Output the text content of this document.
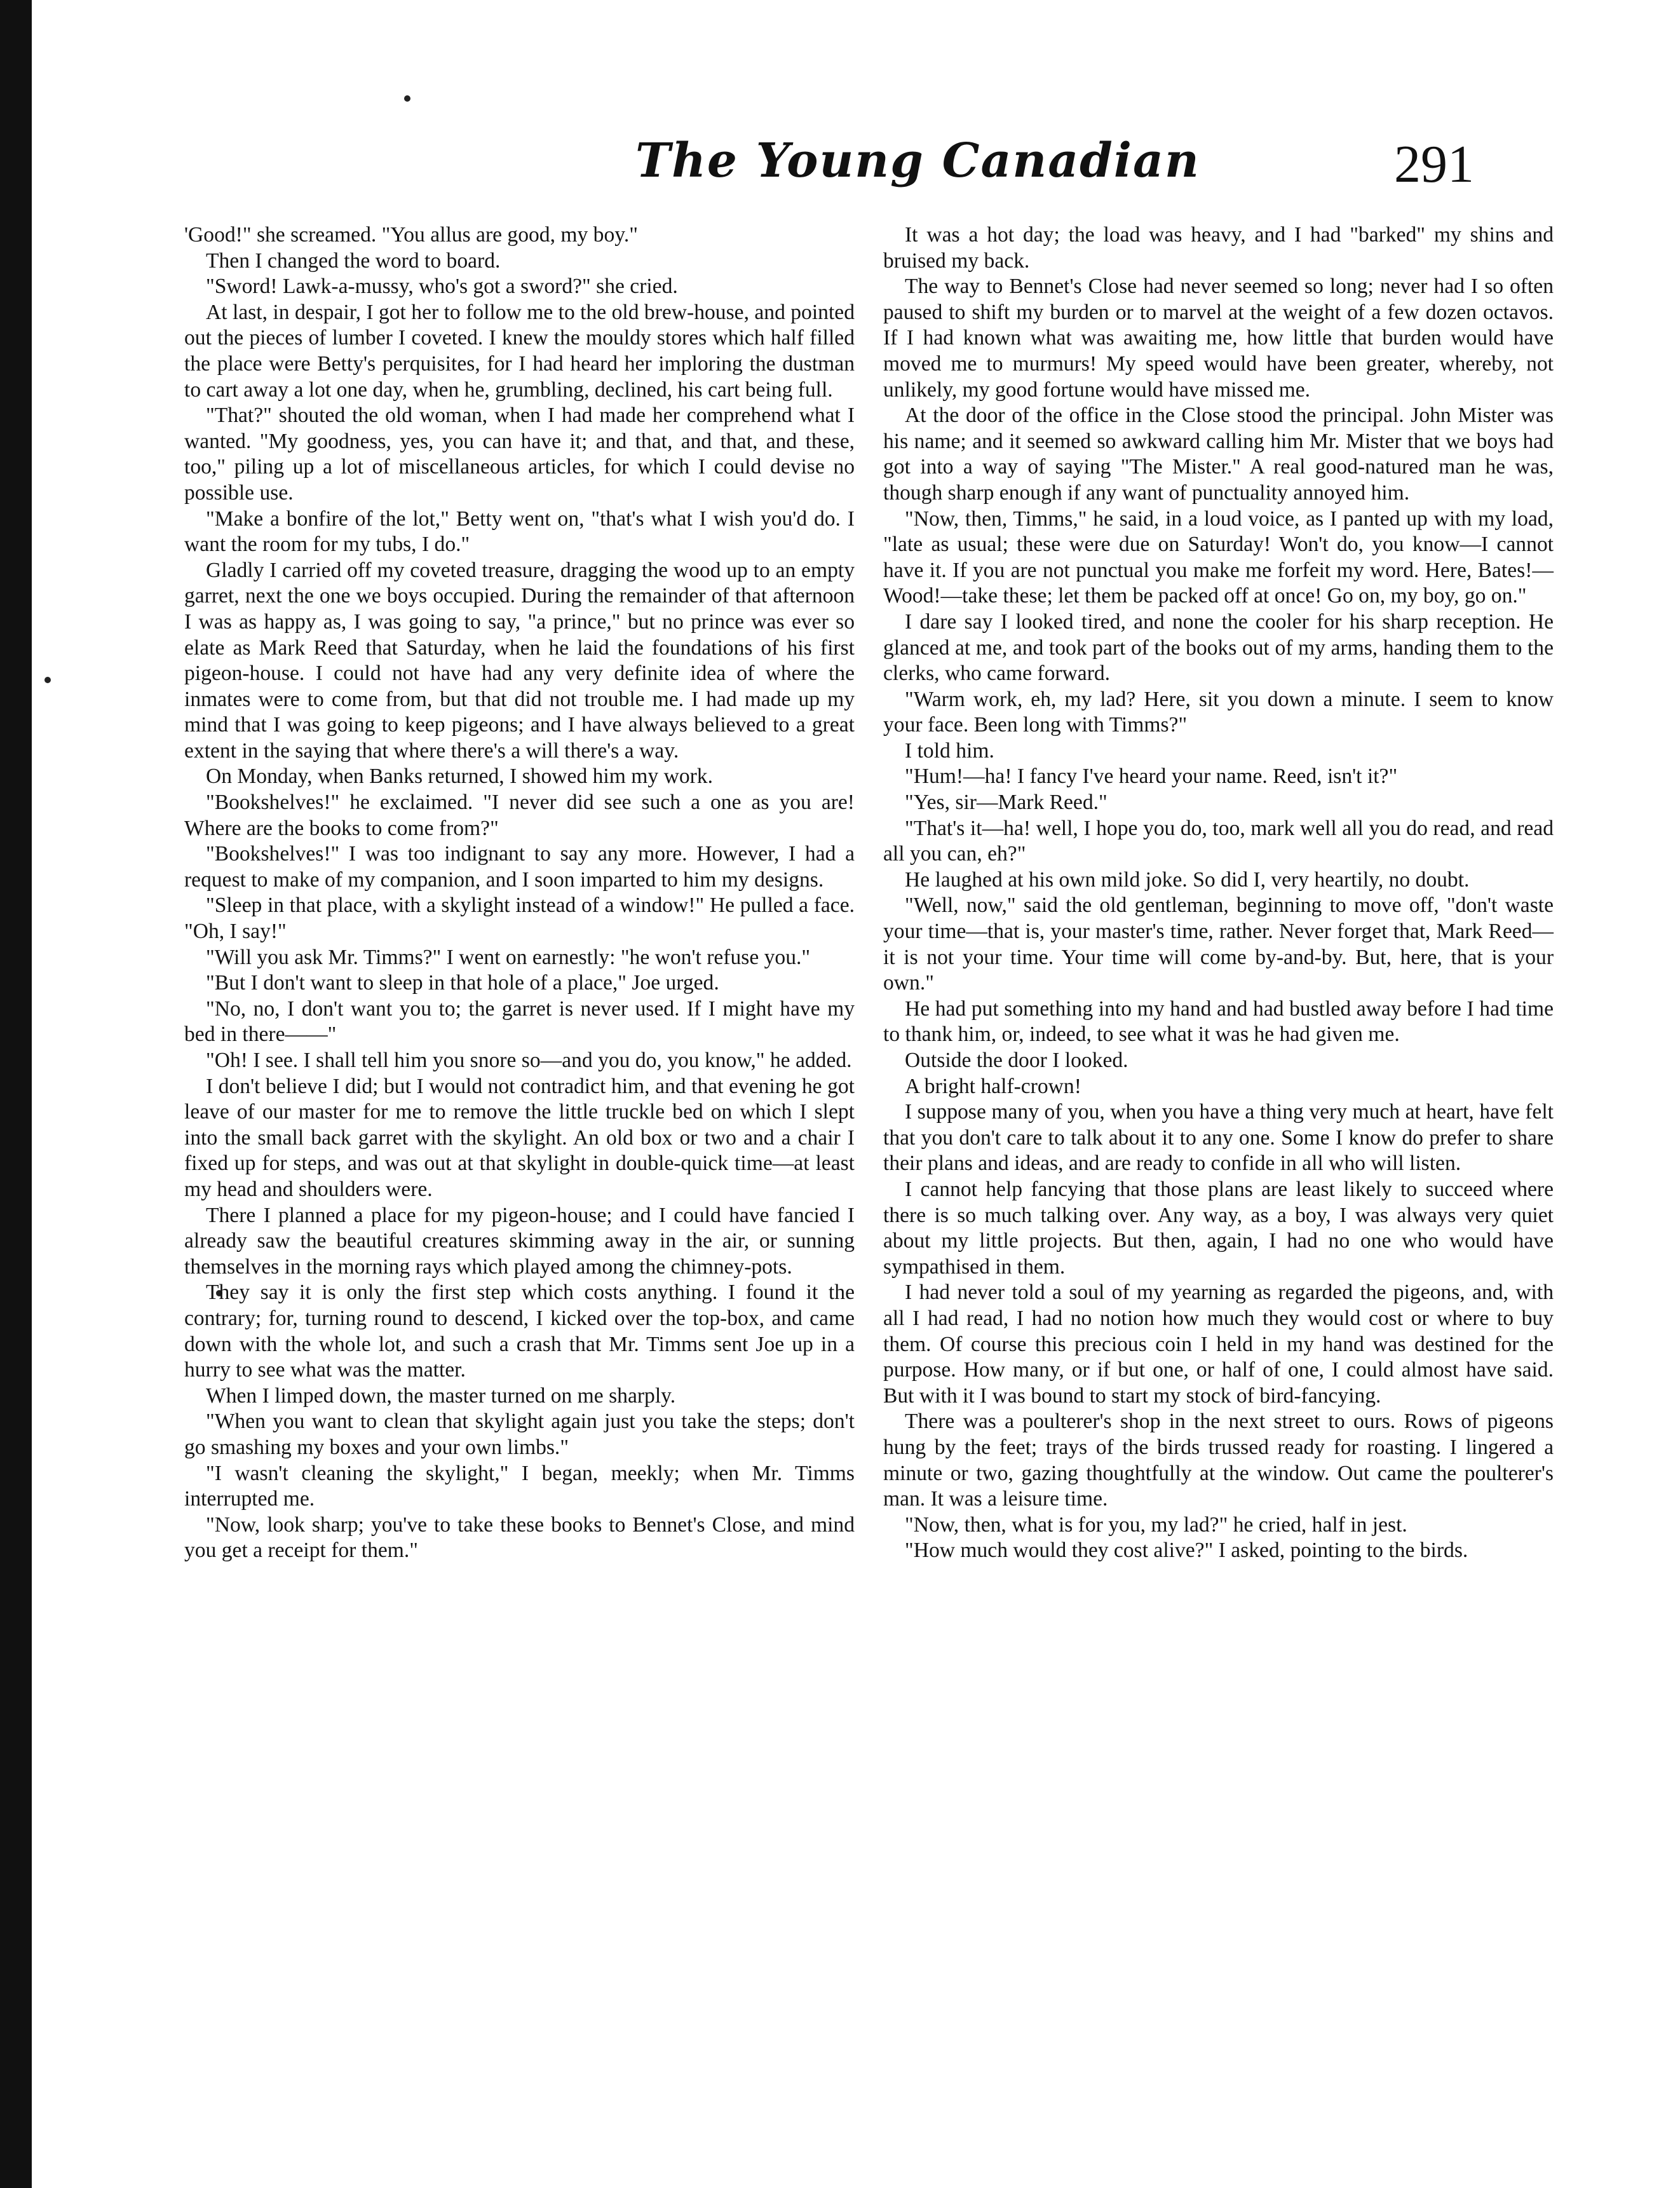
The Young Canadian	291

'Good!" she screamed. "You allus are good, my boy."

Then I changed the word to board.

"Sword! Lawk-a-mussy, who's got a sword?" she cried.

At last, in despair, I got her to follow me to the old brew-house, and pointed out the pieces of lumber I coveted. I knew the mouldy stores which half filled the place were Betty's perquisites, for I had heard her imploring the dustman to cart away a lot one day, when he, grumbling, declined, his cart being full.

"That?" shouted the old woman, when I had made her comprehend what I wanted. "My goodness, yes, you can have it; and that, and that, and these, too," piling up a lot of miscellaneous articles, for which I could devise no possible use.

"Make a bonfire of the lot," Betty went on, "that's what I wish you'd do. I want the room for my tubs, I do."

Gladly I carried off my coveted treasure, dragging the wood up to an empty garret, next the one we boys occupied. During the remainder of that afternoon I was as happy as, I was going to say, "a prince," but no prince was ever so elate as Mark Reed that Saturday, when he laid the foundations of his first pigeon-house. I could not have had any very definite idea of where the inmates were to come from, but that did not trouble me. I had made up my mind that I was going to keep pigeons; and I have always believed to a great extent in the saying that where there's a will there's a way.

On Monday, when Banks returned, I showed him my work.

"Bookshelves!" he exclaimed. "I never did see such a one as you are! Where are the books to come from?"

"Bookshelves!" I was too indignant to say any more. However, I had a request to make of my companion, and I soon imparted to him my designs.

"Sleep in that place, with a skylight instead of a window!" He pulled a face. "Oh, I say!"

"Will you ask Mr. Timms?" I went on earnestly: "he won't refuse you."

"But I don't want to sleep in that hole of a place," Joe urged.

"No, no, I don't want you to; the garret is never used. If I might have my bed in there——"

"Oh! I see. I shall tell him you snore so—and you do, you know," he added.

I don't believe I did; but I would not contradict him, and that evening he got leave of our master for me to remove the little truckle bed on which I slept into the small back garret with the skylight. An old box or two and a chair I fixed up for steps, and was out at that skylight in double-quick time—at least my head and shoulders were.

There I planned a place for my pigeon-house; and I could have fancied I already saw the beautiful creatures skimming away in the air, or sunning themselves in the morning rays which played among the chimney-pots.

They say it is only the first step which costs anything. I found it the contrary; for, turning round to descend, I kicked over the top-box, and came down with the whole lot, and such a crash that Mr. Timms sent Joe up in a hurry to see what was the matter.

When I limped down, the master turned on me sharply.

"When you want to clean that skylight again just you take the steps; don't go smashing my boxes and your own limbs."

"I wasn't cleaning the skylight," I began, meekly; when Mr. Timms interrupted me.

"Now, look sharp; you've to take these books to Bennet's Close, and mind you get a receipt for them."

It was a hot day; the load was heavy, and I had "barked" my shins and bruised my back.

The way to Bennet's Close had never seemed so long; never had I so often paused to shift my burden or to marvel at the weight of a few dozen octavos. If I had known what was awaiting me, how little that burden would have moved me to murmurs! My speed would have been greater, whereby, not unlikely, my good fortune would have missed me.

At the door of the office in the Close stood the principal. John Mister was his name; and it seemed so awkward calling him Mr. Mister that we boys had got into a way of saying "The Mister." A real good-natured man he was, though sharp enough if any want of punctuality annoyed him.

"Now, then, Timms," he said, in a loud voice, as I panted up with my load, "late as usual; these were due on Saturday! Won't do, you know—I cannot have it. If you are not punctual you make me forfeit my word. Here, Bates!—Wood!—take these; let them be packed off at once! Go on, my boy, go on."

I dare say I looked tired, and none the cooler for his sharp reception. He glanced at me, and took part of the books out of my arms, handing them to the clerks, who came forward.

"Warm work, eh, my lad? Here, sit you down a minute. I seem to know your face. Been long with Timms?"

I told him.

"Hum!—ha! I fancy I've heard your name. Reed, isn't it?"

"Yes, sir—Mark Reed."

"That's it—ha! well, I hope you do, too, mark well all you do read, and read all you can, eh?"

He laughed at his own mild joke. So did I, very heartily, no doubt.

"Well, now," said the old gentleman, beginning to move off, "don't waste your time—that is, your master's time, rather. Never forget that, Mark Reed—it is not your time. Your time will come by-and-by. But, here, that is your own."

He had put something into my hand and had bustled away before I had time to thank him, or, indeed, to see what it was he had given me.

Outside the door I looked.

A bright half-crown!

I suppose many of you, when you have a thing very much at heart, have felt that you don't care to talk about it to any one. Some I know do prefer to share their plans and ideas, and are ready to confide in all who will listen.

I cannot help fancying that those plans are least likely to succeed where there is so much talking over. Any way, as a boy, I was always very quiet about my little projects. But then, again, I had no one who would have sympathised in them.

I had never told a soul of my yearning as regarded the pigeons, and, with all I had read, I had no notion how much they would cost or where to buy them. Of course this precious coin I held in my hand was destined for the purpose. How many, or if but one, or half of one, I could almost have said. But with it I was bound to start my stock of bird-fancying.

There was a poulterer's shop in the next street to ours. Rows of pigeons hung by the feet; trays of the birds trussed ready for roasting. I lingered a minute or two, gazing thoughtfully at the window. Out came the poulterer's man. It was a leisure time.

"Now, then, what is for you, my lad?" he cried, half in jest.

"How much would they cost alive?" I asked, pointing to the birds.
